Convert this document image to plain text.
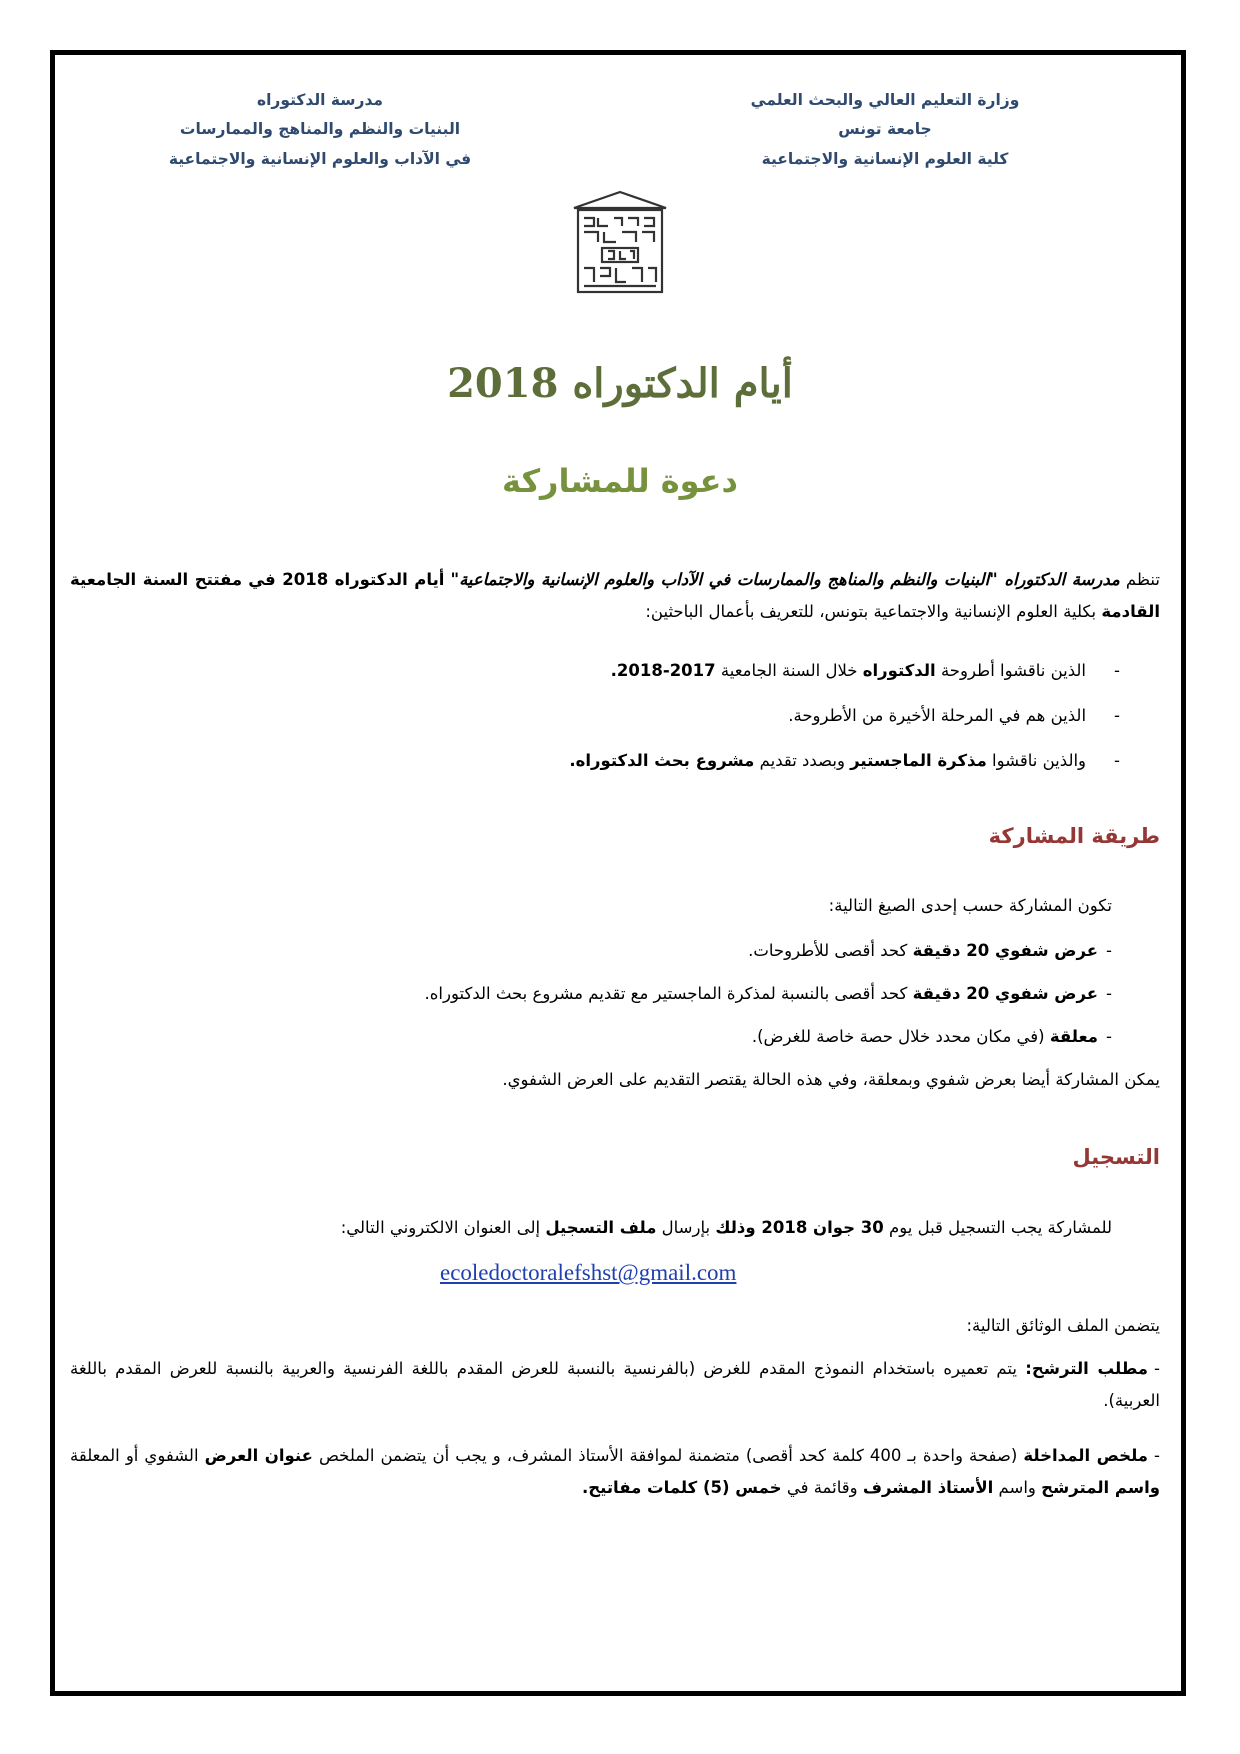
وزارة التعليم العالي والبحث العلمي
جامعة تونس
كلية العلوم الإنسانية والاجتماعية
مدرسة الدكتوراه
البنيات والنظم والمناهج والممارسات
في الآداب والعلوم الإنسانية والاجتماعية
أيام الدكتوراه 2018
دعوة للمشاركة
تنظم مدرسة الدكتوراه "البنيات والنظم والمناهج والممارسات في الآداب والعلوم الإنسانية والاجتماعية" أيام الدكتوراه 2018 في مفتتح السنة الجامعية القادمة بكلية العلوم الإنسانية والاجتماعية بتونس، للتعريف بأعمال الباحثين:
-الذين ناقشوا أطروحة الدكتوراه خلال السنة الجامعية 2017-2018.
-الذين هم في المرحلة الأخيرة من الأطروحة.
-والذين ناقشوا مذكرة الماجستير وبصدد تقديم مشروع بحث الدكتوراه.
طريقة المشاركة
تكون المشاركة حسب إحدى الصيغ التالية:
-عرض شفوي 20 دقيقة كحد أقصى للأطروحات.
-عرض شفوي 20 دقيقة كحد أقصى بالنسبة لمذكرة الماجستير مع تقديم مشروع بحث الدكتوراه.
-معلقة (في مكان محدد خلال حصة خاصة للغرض).
يمكن المشاركة أيضا بعرض شفوي وبمعلقة، وفي هذه الحالة يقتصر التقديم على العرض الشفوي.
التسجيل
للمشاركة يجب التسجيل قبل يوم 30 جوان 2018 وذلك بإرسال ملف التسجيل إلى العنوان الالكتروني التالي:
ecoledoctoralefshst@gmail.com
يتضمن الملف الوثائق التالية:
-مطلب الترشح: يتم تعميره باستخدام النموذج المقدم للغرض (بالفرنسية بالنسبة للعرض المقدم باللغة الفرنسية والعربية بالنسبة للعرض المقدم باللغة العربية).
-ملخص المداخلة (صفحة واحدة بـ 400 كلمة كحد أقصى) متضمنة لموافقة الأستاذ المشرف، و يجب أن يتضمن الملخص عنوان العرض الشفوي أو المعلقة واسم المترشح واسم الأستاذ المشرف وقائمة في خمس (5) كلمات مفاتيح.
